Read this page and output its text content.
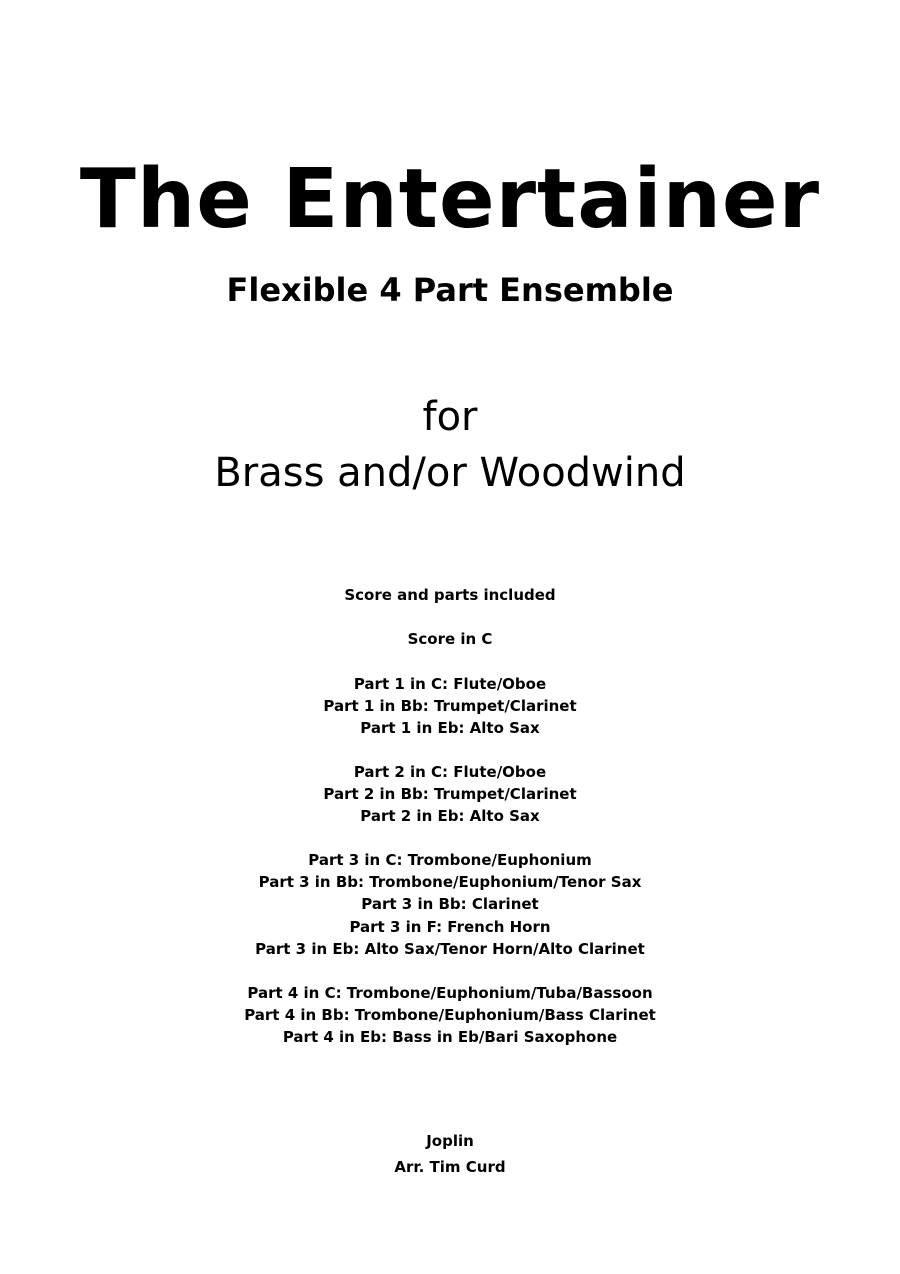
The Entertainer
Flexible 4 Part Ensemble
for
Brass and/or Woodwind
Score and parts included
Score in C
Part 1 in C: Flute/Oboe
Part 1 in Bb: Trumpet/Clarinet
Part 1 in Eb: Alto Sax
Part 2 in C: Flute/Oboe
Part 2 in Bb: Trumpet/Clarinet
Part 2 in Eb: Alto Sax
Part 3 in C: Trombone/Euphonium
Part 3 in Bb: Trombone/Euphonium/Tenor Sax
Part 3 in Bb: Clarinet
Part 3 in F: French Horn
Part 3 in Eb: Alto Sax/Tenor Horn/Alto Clarinet
Part 4 in C: Trombone/Euphonium/Tuba/Bassoon
Part 4 in Bb: Trombone/Euphonium/Bass Clarinet
Part 4 in Eb: Bass in Eb/Bari Saxophone
Joplin
Arr. Tim Curd
